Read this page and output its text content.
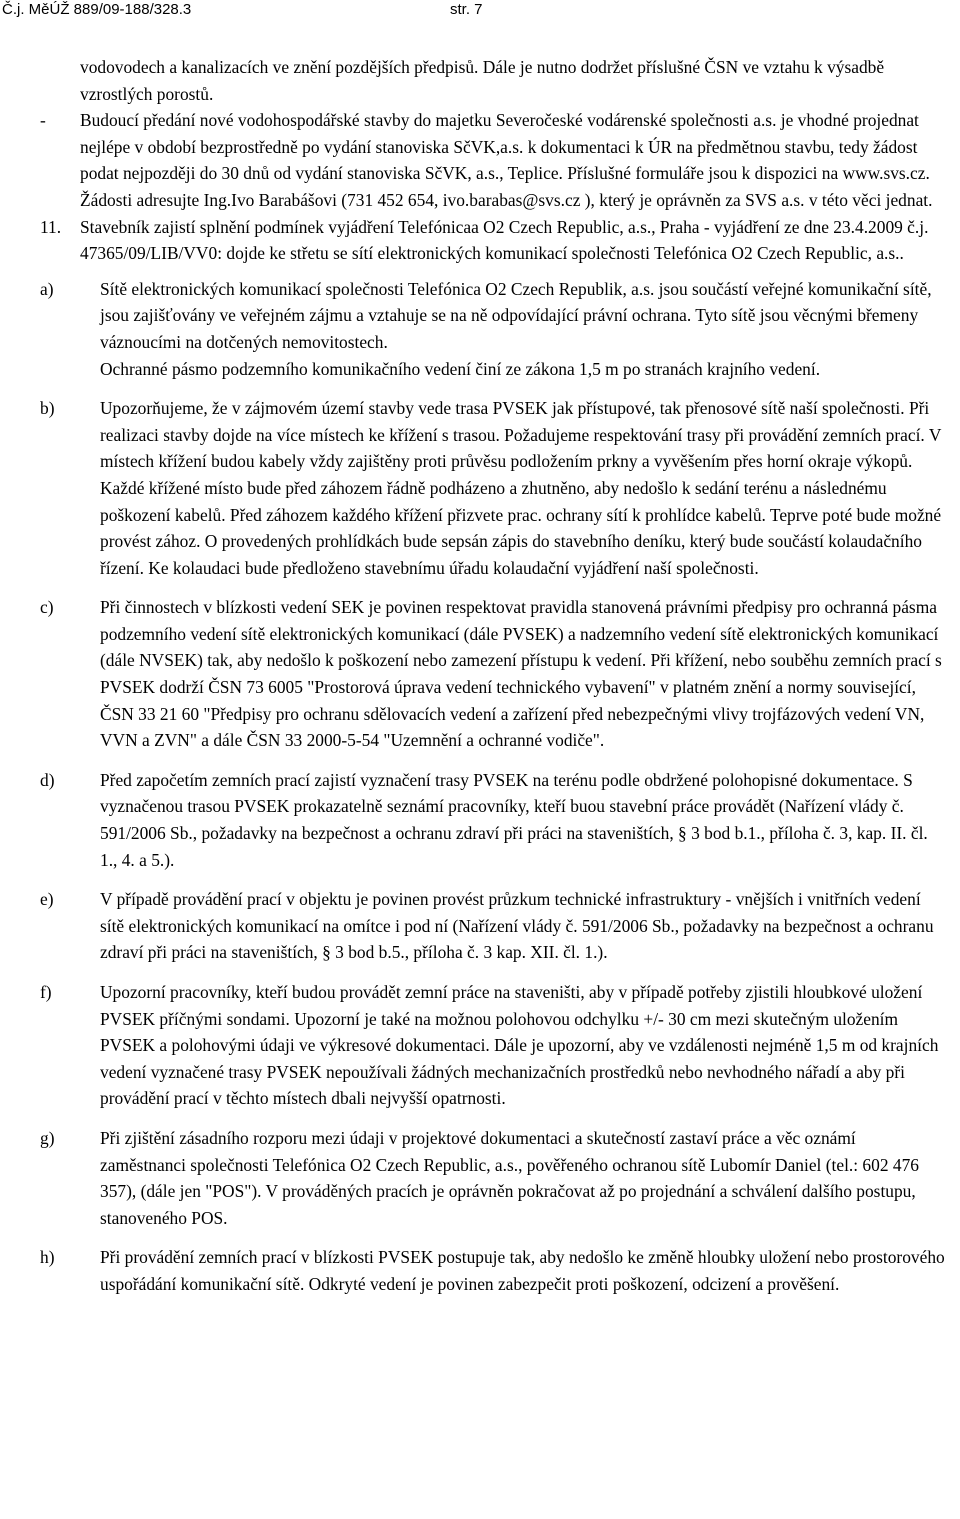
Č.j. MěÚŽ 889/09-188/328.3	str. 7

vodovodech a kanalizacích ve znění pozdějších předpisů. Dále je nutno dodržet příslušné ČSN ve vztahu k výsadbě vzrostlých porostů.

- Budoucí předání nové vodohospodářské stavby do majetku Severočeské vodárenské společnosti a.s. je vhodné projednat nejlépe v období bezprostředně po vydání stanoviska SčVK,a.s. k dokumentaci k ÚR na předmětnou stavbu, tedy žádost podat nejpozději do 30 dnů od vydání stanoviska SčVK, a.s., Teplice. Příslušné formuláře jsou k dispozici na www.svs.cz. Žádosti adresujte Ing.Ivo Barabášovi (731 452 654, ivo.barabas@svs.cz ), který je oprávněn za SVS a.s. v této věci jednat.
11. Stavebník zajistí splnění podmínek vyjádření Telefónicaa O2 Czech Republic, a.s., Praha - vyjádření ze dne 23.4.2009 č.j. 47365/09/LIB/VV0: dojde ke střetu se sítí elektronických komunikací společnosti Telefónica O2 Czech Republic, a.s..
a)	Sítě elektronických komunikací společnosti Telefónica O2 Czech Republik, a.s. jsou součástí veřejné komunikační sítě, jsou zajišťovány ve veřejném zájmu a vztahuje se na ně odpovídající právní ochrana. Tyto sítě jsou věcnými břemeny váznoucími na dotčených nemovitostech.

Ochranné pásmo podzemního komunikačního vedení činí ze zákona 1,5 m po stranách krajního vedení.

b)	Upozorňujeme, že v zájmovém území stavby vede trasa PVSEK jak přístupové, tak přenosové sítě naší společnosti. Při realizaci stavby dojde na více místech ke křížení s trasou. Požadujeme respektování trasy při provádění zemních prací. V místech křížení budou kabely vždy zajištěny proti průvěsu podložením prkny a vyvěšením přes horní okraje výkopů. Každé křížené místo bude před záhozem řádně podházeno a zhutněno, aby nedošlo k sedání terénu a následnému poškození kabelů. Před záhozem každého křížení přizvete prac. ochrany sítí k prohlídce kabelů. Teprve poté bude možné provést zához. O provedených prohlídkách bude sepsán zápis do stavebního deníku, který bude součástí kolaudačního řízení. Ke kolaudaci bude předloženo stavebnímu úřadu kolaudační vyjádření naší společnosti.

c)	Při činnostech v blízkosti vedení SEK je povinen respektovat pravidla stanovená právními předpisy pro ochranná pásma podzemního vedení sítě elektronických komunikací (dále PVSEK) a nadzemního vedení sítě elektronických komunikací (dále NVSEK) tak, aby nedošlo k poškození nebo zamezení přístupu k vedení. Při křížení, nebo souběhu zemních prací s PVSEK dodrží ČSN 73 6005 "Prostorová úprava vedení technického vybavení" v platném znění a normy související, ČSN 33 21 60 "Předpisy pro ochranu sdělovacích vedení a zařízení před nebezpečnými vlivy trojfázových vedení VN, VVN a ZVN" a dále ČSN 33 2000-5-54 "Uzemnění a ochranné vodiče".

d)	Před započetím zemních prací zajistí vyznačení trasy PVSEK na terénu podle obdržené polohopisné dokumentace. S vyznačenou trasou PVSEK prokazatelně seznámí pracovníky, kteří buou stavební práce provádět (Nařízení vlády č. 591/2006 Sb., požadavky na bezpečnost a ochranu zdraví při práci na staveništích, § 3 bod b.1., příloha č. 3, kap. II. čl. 1., 4. a 5.).

e)	V případě provádění prací v objektu je povinen provést průzkum technické infrastruktury - vnějších i vnitřních vedení sítě elektronických komunikací na omítce i pod ní (Nařízení vlády č. 591/2006 Sb., požadavky na bezpečnost a ochranu zdraví při práci na staveništích, § 3 bod b.5., příloha č. 3 kap. XII. čl. 1.).

f)	Upozorní pracovníky, kteří budou provádět zemní práce na staveništi, aby v případě potřeby zjistili hloubkové uložení PVSEK příčnými sondami. Upozorní je také na možnou polohovou odchylku +/- 30 cm mezi skutečným uložením PVSEK a polohovými údaji ve výkresové dokumentaci. Dále je upozorní, aby ve vzdálenosti nejméně 1,5 m od krajních vedení vyznačené trasy PVSEK nepoužívali žádných mechanizačních prostředků nebo nevhodného nářadí a aby při provádění prací v těchto místech dbali nejvyšší opatrnosti.

g)	Při zjištění zásadního rozporu mezi údaji v projektové dokumentaci a skutečností zastaví práce a věc oznámí zaměstnanci společnosti Telefónica O2 Czech Republic, a.s., pověřeného ochranou sítě Lubomír Daniel (tel.: 602 476 357), (dále jen "POS"). V prováděných pracích je oprávněn pokračovat až po projednání a schválení dalšího postupu, stanoveného POS.

h)	Při provádění zemních prací v blízkosti PVSEK postupuje tak, aby nedošlo ke změně hloubky uložení nebo prostorového uspořádání komunikační sítě. Odkryté vedení je povinen zabezpečit proti poškození, odcizení a prověšení.
